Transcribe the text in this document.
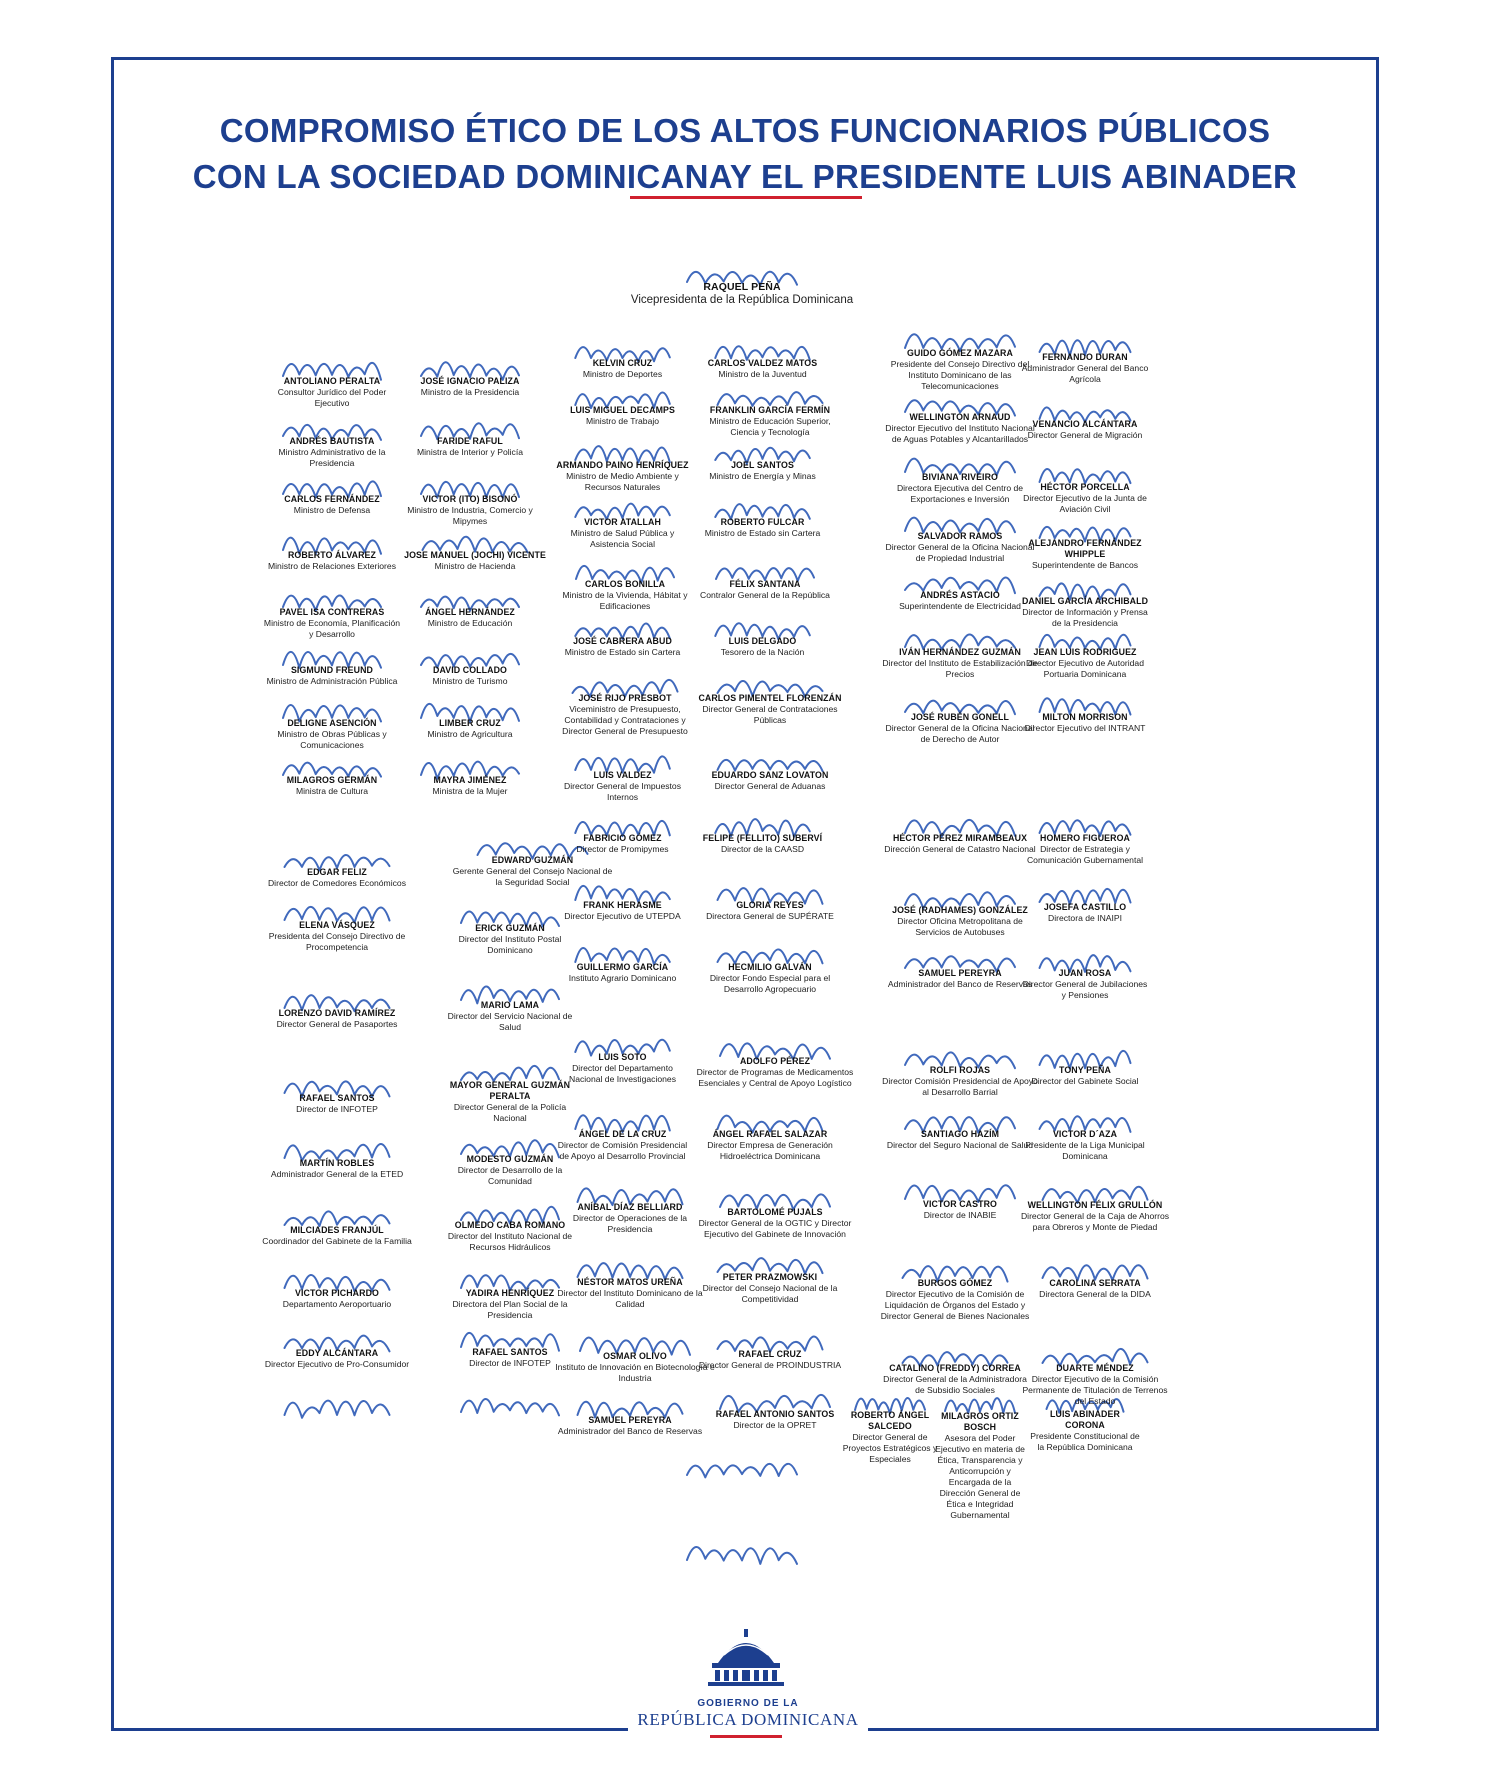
COMPROMISO ÉTICO DE LOS ALTOS FUNCIONARIOS PÚBLICOS
CON LA SOCIEDAD DOMINICANAY EL PRESIDENTE LUIS ABINADER
RAQUEL PEÑA
Vicepresidenta de la República Dominicana
ANTOLIANO PERALTA
Consultor Jurídico del Poder Ejecutivo
JOSÉ IGNACIO PALIZA
Ministro de la Presidencia
KELVIN CRUZ
Ministro de Deportes
CARLOS VALDEZ MATOS
Ministro de la Juventud
GUIDO GÓMEZ MAZARA
Presidente del Consejo Directivo del Instituto Dominicano de las Telecomunicaciones
FERNANDO DURAN
Administrador General del Banco Agrícola
ANDRÉS BAUTISTA
Ministro Administrativo de la Presidencia
FARIDE RAFUL
Ministra de Interior y Policía
LUIS MIGUEL DECAMPS
Ministro de Trabajo
FRANKLIN GARCÍA FERMÍN
Ministro de Educación Superior, Ciencia y Tecnología
WELLINGTON ARNAUD
Director Ejecutivo del Instituto Nacional de Aguas Potables y Alcantarillados
VENANCIO ALCÁNTARA
Director General de Migración
CARLOS FERNÁNDEZ
Ministro de Defensa
VICTOR (ITO) BISONÓ
Ministro de Industria, Comercio y Mipymes
ARMANDO PAINO HENRÍQUEZ
Ministro de Medio Ambiente y Recursos Naturales
JOEL SANTOS
Ministro de Energía y Minas	BIVIANA RIVEIRO
Directora Ejecutiva del Centro de Exportaciones e Inversión
HÉCTOR PORCELLA
Director Ejecutivo de la Junta de Aviación Civil
VICTOR ATALLAH
Ministro de Salud Pública y Asistencia Social
ROBERTO FULCAR
Ministro de Estado sin Cartera
ROBERTO ÁLVAREZ
Ministro de Relaciones Exteriores
JOSE MANUEL (JOCHI) VICENTE
Ministro de Hacienda
SALVADOR RAMOS
Director General de la Oficina Nacional de Propiedad Industrial
ALEJANDRO FERNÁNDEZ WHIPPLE
Superintendente de Bancos
CARLOS BONILLA
Ministro de la Vivienda, Hábitat y Edificaciones
FÉLIX SANTANA
Contralor General de la República	ANDRÉS ASTACIO
Superintendente de Electricidad DANIEL GARCÍA ARCHIBALD
Director de Información y Prensa de la Presidencia
PAVEL ISA CONTRERAS
Ministro de Economía, Planificación y Desarrollo
ÁNGEL HERNÁNDEZ
Ministro de Educación
JOSÉ CABRERA ABUD
Ministro de Estado sin Cartera
LUIS DELGADO
Tesorero de la Nación	IVÁN HERNÁNDEZ GUZMÁN
Director del Instituto de Estabilización de Precios
JEAN LUIS RODRIGUEZ
Director Ejecutivo de Autoridad Portuaria Dominicana
SIGMUND FREUND
Ministro de Administración Pública
DAVID COLLADO
Ministro de Turismo
JOSÉ RIJO PRESBOT
Viceministro de Presupuesto, Contabilidad y Contrataciones y Director General de Presupuesto
CARLOS PIMENTEL FLORENZÁN
Director General de Contrataciones Públicas	JOSÉ RUBÉN GONELL
Director General de la Oficina Nacional de Derecho de Autor
MILTON MORRISON
Director Ejecutivo del INTRANT
DELIGNE ASENCIÓN
Ministro de Obras Públicas y Comunicaciones
LIMBER CRUZ
Ministro de Agricultura
LUIS VALDEZ
Director General de Impuestos Internos
EDUARDO SANZ LOVATON
Director General de Aduanas
MILAGROS GERMÁN
Ministra de Cultura
MAYRA JIMÉNEZ
Ministra de la Mujer
FABRICIO GÓMEZ
Director de Promipymes
FELIPE (FELLITO) SUBERVÍ
Director de la CAASD
HÉCTOR PÉREZ MIRAMBEAUX
Dirección General de Catastro Nacional
HOMERO FIGUEROA
Director de Estrategia y Comunicación Gubernamental
EDGAR FELIZ
Director de Comedores Económicos
EDWARD GUZMÁN
Gerente General del Consejo Nacional de la Seguridad Social
FRANK HERASME
Director Ejecutivo de UTEPDA
GLORIA REYES
Directora General de SUPÉRATE
JOSÉ (RADHAMES) GONZÁLEZ
Director Oficina Metropolitana de Servicios de Autobuses
JOSEFA CASTILLO
Directora de INAIPI
ELENA VÁSQUEZ
Presidenta del Consejo Directivo de Procompetencia
ERICK GUZMÁN
Director del Instituto Postal Dominicano
GUILLERMO GARCÍA
Instituto Agrario Dominicano
HECMILIO GALVÁN
Director Fondo Especial para el Desarrollo Agropecuario
SAMUEL PEREYRA
Administrador del Banco de Reservas
JUAN ROSA
Director General de Jubilaciones y Pensiones
LORENZO DAVID RAMÍREZ
Director General de Pasaportes
MARIO LAMA
Director del Servicio Nacional de Salud
LUIS SOTO
Director del Departamento Nacional de Investigaciones
ADOLFO PÉREZ
Director de Programas de Medicamentos Esenciales y Central de Apoyo Logístico
ROLFI ROJAS
Director Comisión Presidencial de Apoyo al Desarrollo Barrial
TONY PEÑA
Director del Gabinete Social
RAFAEL SANTOS
Director de INFOTEP
MAYOR GENERAL GUZMÁN PERALTA
Director General de la Policía Nacional
ÁNGEL DE LA CRUZ
Director de Comisión Presidencial de Apoyo al Desarrollo Provincial
ÁNGEL RAFAEL SALAZAR
Director Empresa de Generación Hidroeléctrica Dominicana
SANTIAGO HAZÍM
Director del Seguro Nacional de Salud
VICTOR D´AZA
Presidente de la Liga Municipal Dominicana
MARTÍN ROBLES
Administrador General de la ETED
MODESTO GUZMÁN
Director de Desarrollo de la Comunidad
ANÍBAL DÍAZ BELLIARD
Director de Operaciones de la Presidencia
BARTOLOMÉ PUJALS
Director General de la OGTIC y Director Ejecutivo del Gabinete de Innovación
VICTOR CASTRO
Director de INABIE
WELLINGTON FÉLIX GRULLÓN
Director General de la Caja de Ahorros para Obreros y Monte de Piedad
MILCIADES FRANJÚL
Coordinador del Gabinete de la Familia
OLMEDO CABA ROMANO
Director del Instituto Nacional de Recursos Hidráulicos
NÉSTOR MATOS UREÑA
Director del Instituto Dominicano de la Calidad
PETER PRAZMOWSKI
Director del Consejo Nacional de la Competitividad
BURGOS GÓMEZ
Director Ejecutivo de la Comisión de Liquidación de Órganos del Estado y Director General de Bienes Nacionales
CAROLINA SERRATA
Directora General de la DIDA
VICTOR PICHARDO
Departamento Aeroportuario
YADIRA HENRÍQUEZ
Directora del Plan Social de la Presidencia
OSMAR OLIVO
Instituto de Innovación en Biotecnología e Industria
RAFAEL CRUZ
Director General de PROINDUSTRIA	CATALINO (FREDDY) CORREA
Director General de la Administradora de Subsidio Sociales
DUARTE MÉNDEZ
Director Ejecutivo de la Comisión Permanente de Titulación de Terrenos del Estado
EDDY ALCÁNTARA
Director Ejecutivo de Pro-Consumidor
RAFAEL SANTOS
Director de INFOTEP
SAMUEL PEREYRA
Administrador del Banco de Reservas
RAFAEL ANTONIO SANTOS
Director de la OPRET
ROBERTO ÁNGEL SALCEDO
Director General de Proyectos Estratégicos y Especiales
MILAGROS ORTIZ BOSCH
Asesora del Poder Ejecutivo en materia de Ética, Transparencia y Anticorrupción y Encargada de la Dirección General de Ética e Integridad Gubernamental
LUIS ABINADER CORONA
Presidente Constitucional de la República Dominicana
GOBIERNO DE LA
REPÚBLICA DOMINICANA
